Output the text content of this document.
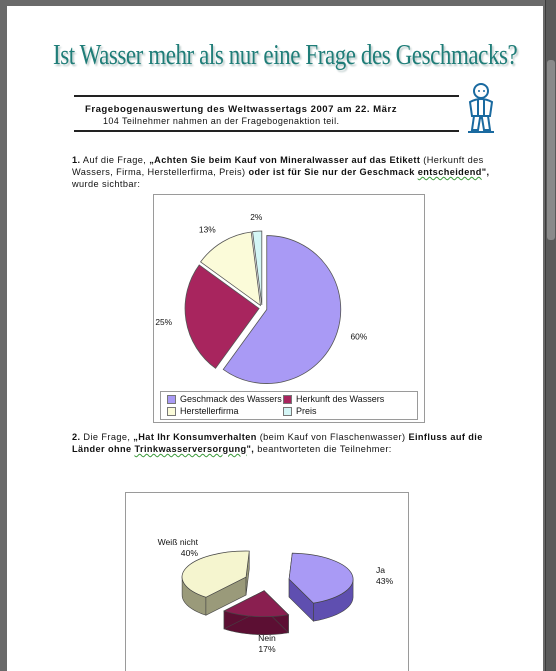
Ist Wasser mehr als nur eine Frage des Geschmacks?
Fragebogenauswertung des Weltwassertags 2007 am 22. März
104 Teilnehmer nahmen an der Fragebogenaktion teil.
1. Auf die Frage, „Achten Sie beim Kauf von Mineralwasser auf das Etikett (Herkunft des Wassers, Firma, Herstellerfirma, Preis) oder ist für Sie nur der Geschmack entscheidend", wurde sichtbar:
60%
25%
13%
2%
Geschmack des Wassers Herkunft des Wassers
Herstellerfirma	Preis
2. Die Frage, „Hat Ihr Konsumverhalten (beim Kauf von Flaschenwasser) Einfluss auf die Länder ohne Trinkwasserversorgung", beantworteten die Teilnehmer:
Ja
43%
Nein
17%
Weiß nicht
40%
